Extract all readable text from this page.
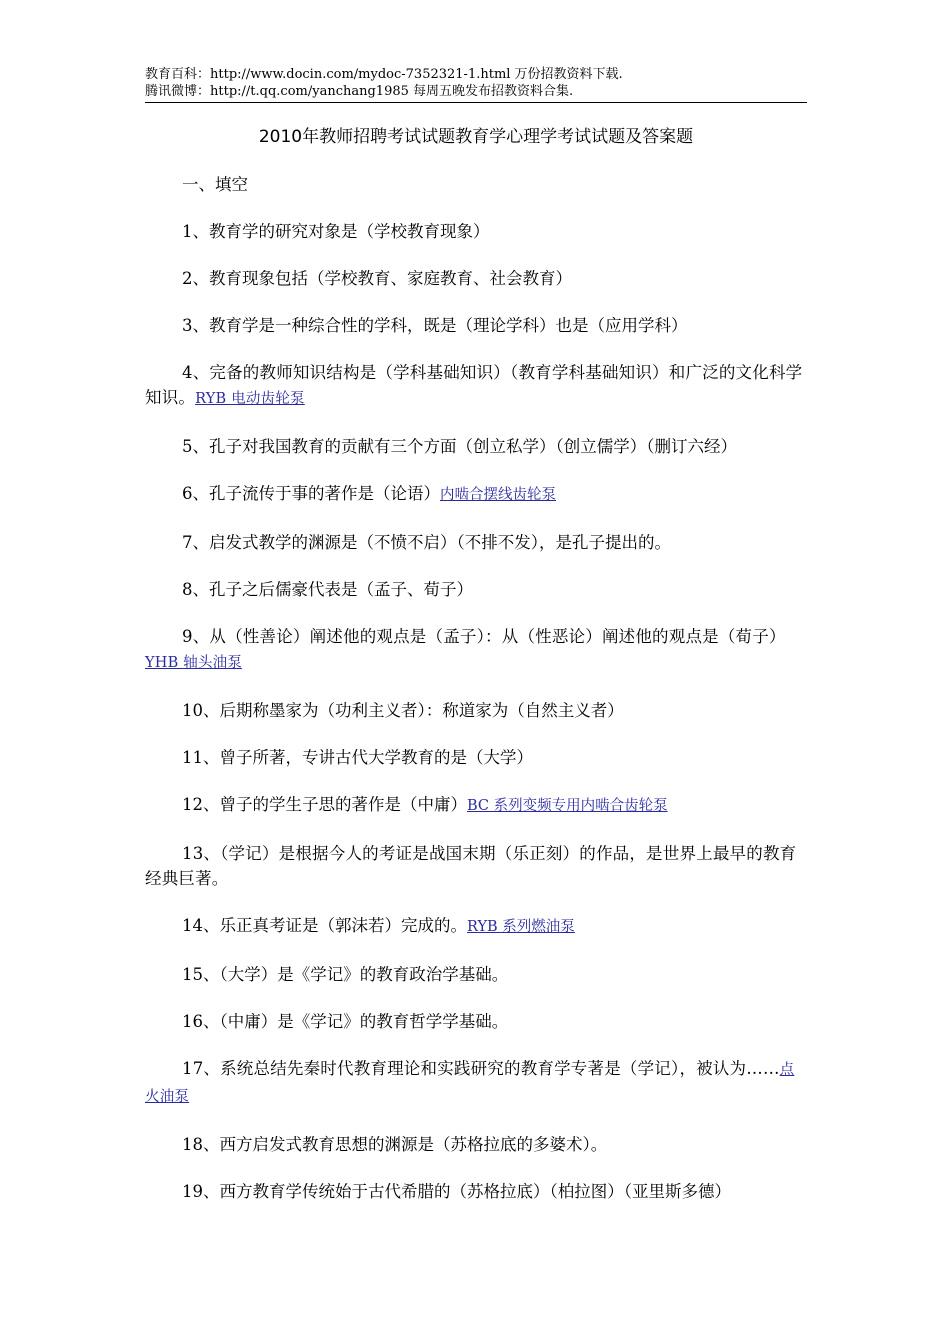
教育百科：http://www.docin.com/mydoc-7352321-1.html 万份招教资料下载.
腾讯微博：http://t.qq.com/yanchang1985 每周五晚发布招教资料合集.
2010年教师招聘考试试题教育学心理学考试试题及答案题

一、填空

1、教育学的研究对象是（学校教育现象）

2、教育现象包括（学校教育、家庭教育、社会教育）

3、教育学是一种综合性的学科，既是（理论学科）也是（应用学科）

4、完备的教师知识结构是（学科基础知识）（教育学科基础知识）和广泛的文化科学知识。RYB 电动齿轮泵

5、孔子对我国教育的贡献有三个方面（创立私学）（创立儒学）（删订六经）

6、孔子流传于事的著作是（论语）内啮合摆线齿轮泵

7、启发式教学的渊源是（不愤不启）（不排不发），是孔子提出的。

8、孔子之后儒豪代表是（孟子、荀子）

9、从（性善论）阐述他的观点是（孟子）：从（性恶论）阐述他的观点是（荀子） YHB 轴头油泵

10、后期称墨家为（功利主义者）：称道家为（自然主义者）

11、曾子所著，专讲古代大学教育的是（大学）

12、曾子的学生子思的著作是（中庸）BC 系列变频专用内啮合齿轮泵

13、（学记）是根据今人的考证是战国末期（乐正刻）的作品，是世界上最早的教育经典巨著。

14、乐正真考证是（郭沫若）完成的。RYB 系列燃油泵

15、（大学）是《学记》的教育政治学基础。

16、（中庸）是《学记》的教育哲学学基础。

17、系统总结先秦时代教育理论和实践研究的教育学专著是（学记），被认为……点火油泵

18、西方启发式教育思想的渊源是（苏格拉底的多婆术）。

19、西方教育学传统始于古代希腊的（苏格拉底）（柏拉图）（亚里斯多德）
